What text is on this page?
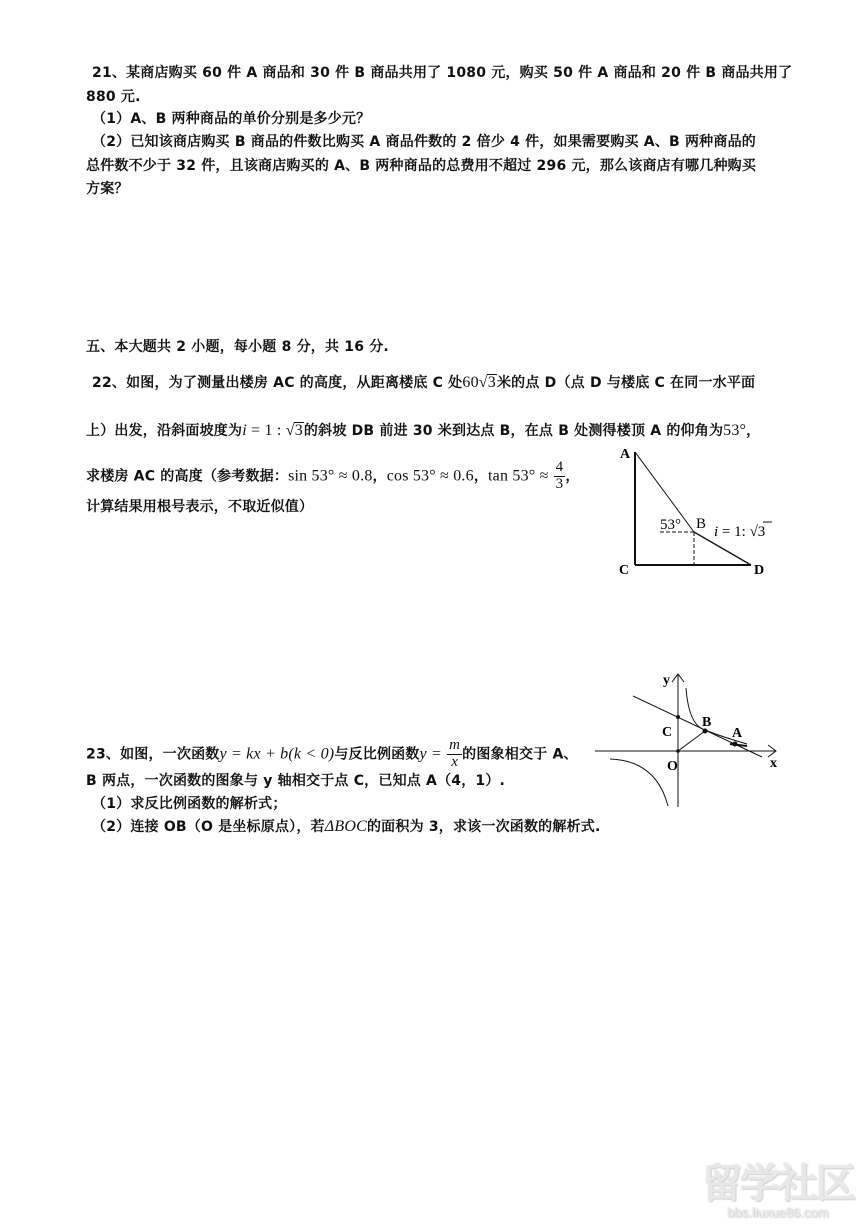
21、某商店购买 60 件 A 商品和 30 件 B 商品共用了 1080 元，购买 50 件 A 商品和 20 件 B 商品共用了
880 元.
（1）A、B 两种商品的单价分别是多少元？
（2）已知该商店购买 B 商品的件数比购买 A 商品件数的 2 倍少 4 件，如果需要购买 A、B 两种商品的
总件数不少于 32 件，且该商店购买的 A、B 两种商品的总费用不超过 296 元，那么该商店有哪几种购买
方案？
五、本大题共 2 小题，每小题 8 分，共 16 分.
22、如图，为了测量出楼房 AC 的高度，从距离楼底 C 处60√3米的点 D（点 D 与楼底 C 在同一水平面
上）出发，沿斜面坡度为i = 1 : √3的斜坡 DB 前进 30 米到达点 B，在点 B 处测得楼顶 A 的仰角为53°，
求楼房 AC 的高度（参考数据：sin 53° ≈ 0.8，cos 53° ≈ 0.6，$\tan 53^\circ \approx \frac{4}{3}$ ，
计算结果用根号表示，不取近似值）
A
C	D
B
53° i = 1: √3
23、如图，一次函数y = kx + b(k < 0)与反比例函数$y = \frac{m}{x}$ 的图象相交于 A、
B 两点，一次函数的图象与 y 轴相交于点 C，已知点 A（4，1）.
（1）求反比例函数的解析式；
（2）连接 OB（O 是坐标原点），若ΔBOC的面积为 3，求该一次函数的解析式.
y
x
C
B
A
O
留学社区
bbs.liuxue86.com
